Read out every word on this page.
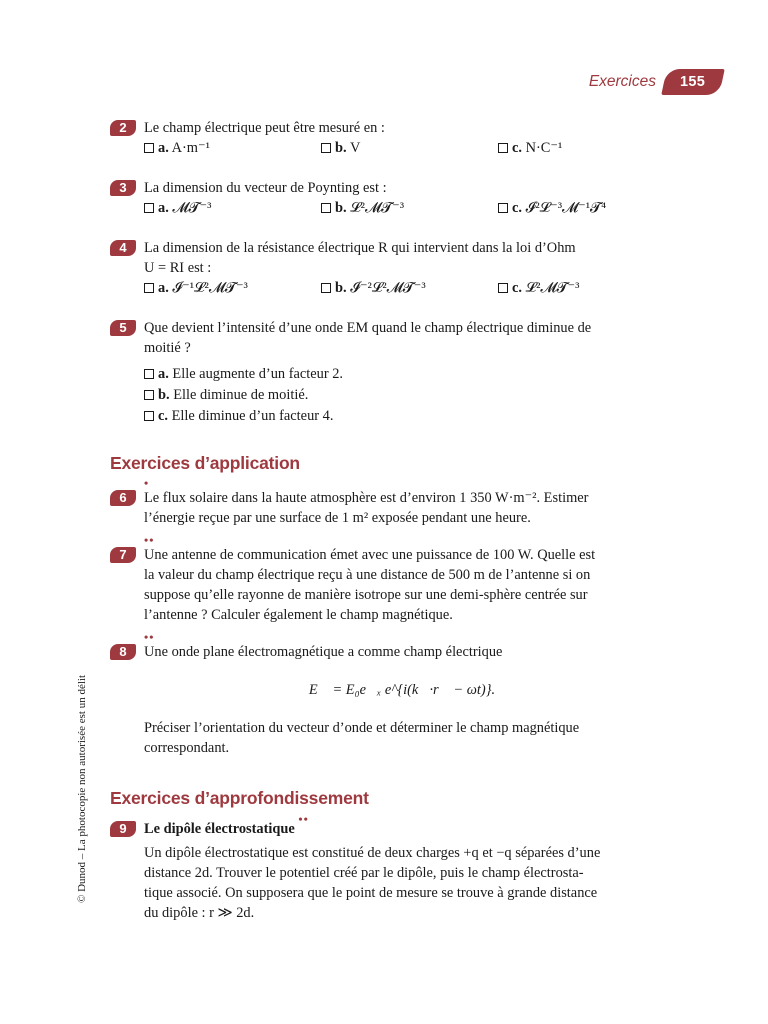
Exercices 155
© Dunod – La photocopie non autorisée est un délit
2	Le champ électrique peut être mesuré en :
a. A·m⁻¹	b. V	c. N·C⁻¹
3	La dimension du vecteur de Poynting est :
a. 𝓜𝓣⁻³	b. 𝓛²𝓜𝓣⁻³	c. 𝓘²𝓛⁻³𝓜⁻¹𝓣⁴
4	La dimension de la résistance électrique R qui intervient dans la loi d’Ohm
U = RI est :
a. 𝓘⁻¹𝓛²𝓜𝓣⁻³	b. 𝓘⁻²𝓛²𝓜𝓣⁻³	c. 𝓛²𝓜𝓣⁻³
5	Que devient l’intensité d’une onde EM quand le champ électrique diminue de
moitié ?
a. Elle augmente d’un facteur 2.
b. Elle diminue de moitié.
c. Elle diminue d’un facteur 4.
Exercices d’application
•
6	Le flux solaire dans la haute atmosphère est d’environ 1 350 W·m⁻². Estimer
l’énergie reçue par une surface de 1 m² exposée pendant une heure.
••
7	Une antenne de communication émet avec une puissance de 100 W. Quelle est
la valeur du champ électrique reçu à une distance de 500 m de l’antenne si on
suppose qu’elle rayonne de manière isotrope sur une demi-sphère centrée sur
l’antenne ? Calculer également le champ magnétique.
••
8	Une onde plane électromagnétique a comme champ électrique
E⃗ = E₀e⃗ₓ e^{i(k⃗·r⃗ − ωt)}.
Préciser l’orientation du vecteur d’onde et déterminer le champ magnétique
correspondant.
Exercices d’approfondissement
9	Le dipôle électrostatique
••
Un dipôle électrostatique est constitué de deux charges +q et −q séparées d’une
distance 2d. Trouver le potentiel créé par le dipôle, puis le champ électrosta-
tique associé. On supposera que le point de mesure se trouve à grande distance
du dipôle : r ≫ 2d.
